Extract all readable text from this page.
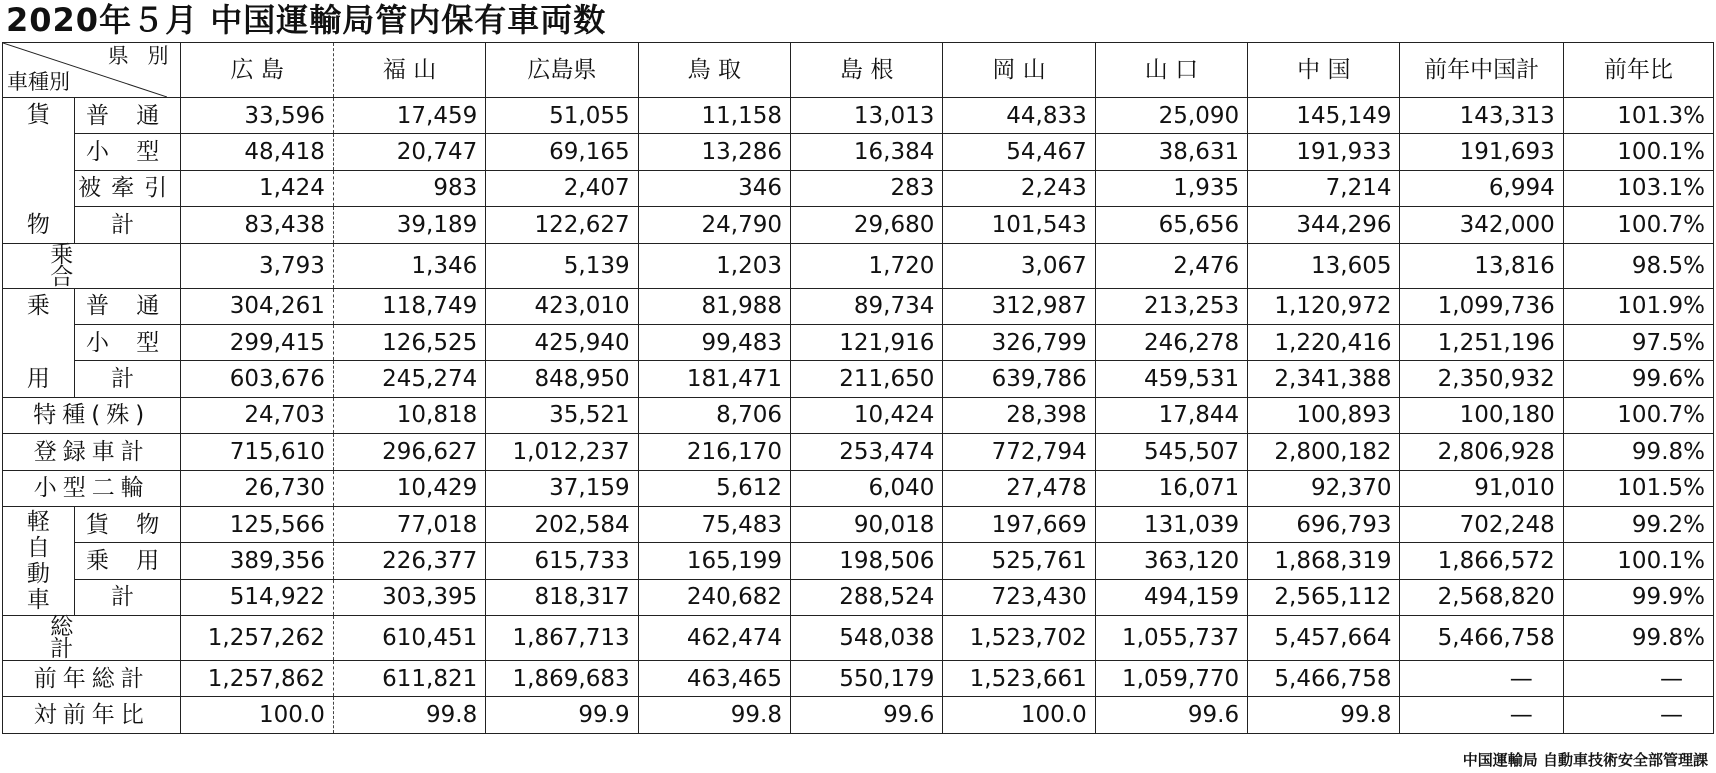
2020年５月 中国運輸局管内保有車両数
県 別
車種別		広 島	福 山	広島県	鳥 取	島 根	岡 山	山 口	中 国	前年中国計	前年比

貨
物	普 通	33,596	17,459	51,055	11,158	13,013	44,833	25,090	145,149	143,313	101.3%
	小 型	48,418	20,747	69,165	13,286	16,384	54,467	38,631	191,933	191,693	100.1%
	被牽引	1,424	983	2,407	346	283	2,243	1,935	7,214	6,994	103.1%
	計	83,438	39,189	122,627	24,790	29,680	101,543	65,656	344,296	342,000	100.7%
乗 合		3,793	1,346	5,139	1,203	1,720	3,067	2,476	13,605	13,816	98.5%

乗
用	普 通	304,261	118,749	423,010	81,988	89,734	312,987	213,253	1,120,972	1,099,736	101.9%
	小 型	299,415	126,525	425,940	99,483	121,916	326,799	246,278	1,220,416	1,251,196	97.5%
	計	603,676	245,274	848,950	181,471	211,650	639,786	459,531	2,341,388	2,350,932	99.6%
特種(殊)		24,703	10,818	35,521	8,706	10,424	28,398	17,844	100,893	100,180	100.7%
登録車計		715,610	296,627	1,012,237	216,170	253,474	772,794	545,507	2,800,182	2,806,928	99.8%
小型二輪		26,730	10,429	37,159	5,612	6,040	27,478	16,071	92,370	91,010	101.5%

軽
自
動
車	貨 物	125,566	77,018	202,584	75,483	90,018	197,669	131,039	696,793	702,248	99.2%
	乗 用	389,356	226,377	615,733	165,199	198,506	525,761	363,120	1,868,319	1,866,572	100.1%
	計	514,922	303,395	818,317	240,682	288,524	723,430	494,159	2,565,112	2,568,820	99.9%
総 計		1,257,262	610,451	1,867,713	462,474	548,038	1,523,702	1,055,737	5,457,664	5,466,758	99.8%
前年総計		1,257,862	611,821	1,869,683	463,465	550,179	1,523,661	1,059,770	5,466,758	—	—
対前年比		100.0	99.8	99.9	99.8	99.6	100.0	99.6	99.8	—	—
中国運輸局 自動車技術安全部管理課
